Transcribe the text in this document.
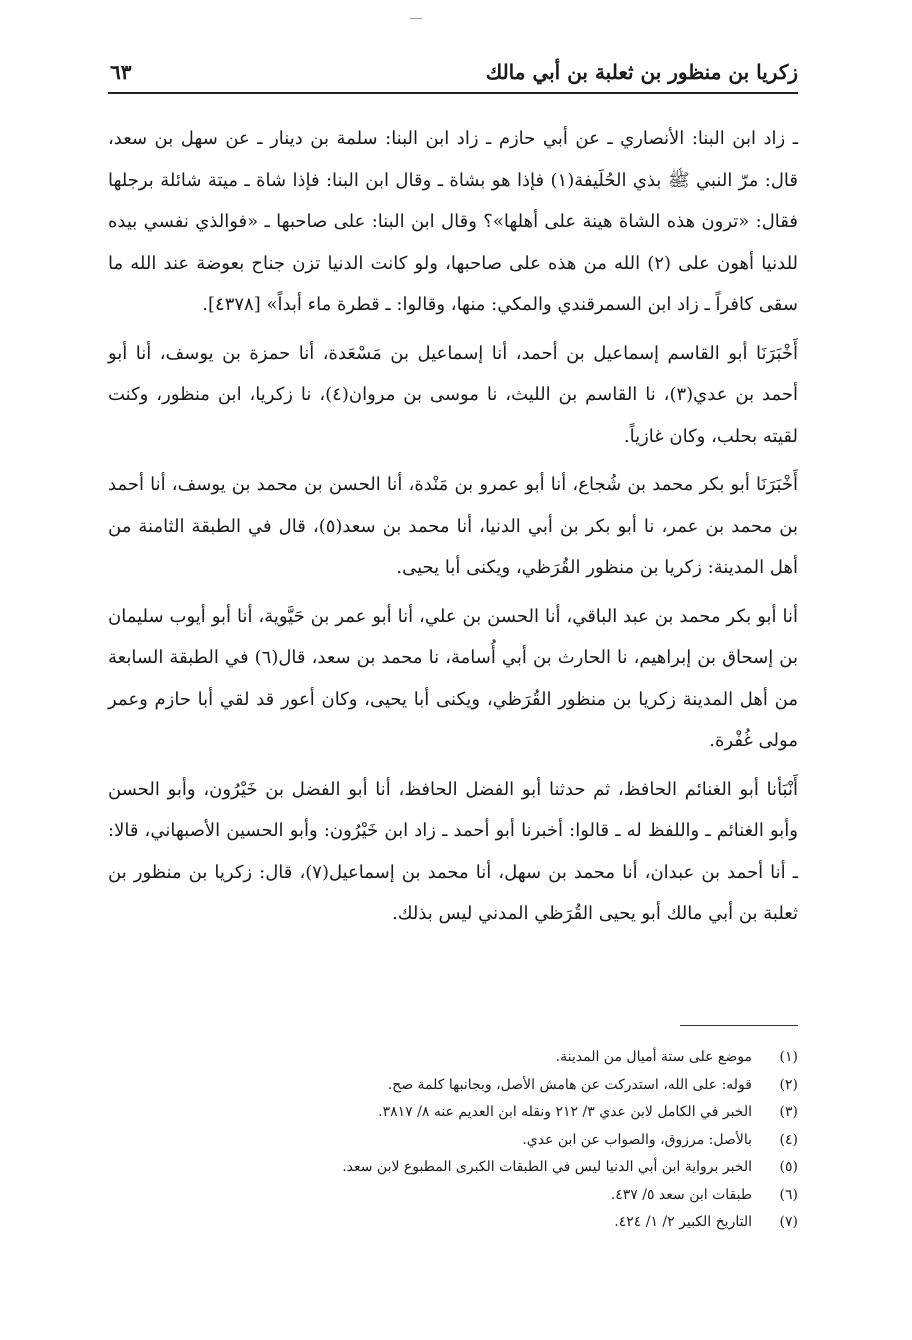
زكريا بن منظور بن ثعلبة بن أبي مالك
٦٣

ـ زاد ابن البنا: الأنصاري ـ عن أبي حازم ـ زاد ابن البنا: سلمة بن دينار ـ عن سهل بن سعد، قال: مرّ النبي ﷺ بذي الحُلَيفة(١) فإذا هو بشاة ـ وقال ابن البنا: فإذا شاة ـ ميتة شائلة برجلها فقال: «ترون هذه الشاة هينة على أهلها»؟ وقال ابن البنا: على صاحبها ـ «فوالذي نفسي بيده للدنيا أهون على (٢) الله من هذه على صاحبها، ولو كانت الدنيا تزن جناح بعوضة عند الله ما سقى كافراً ـ زاد ابن السمرقندي والمكي: منها، وقالوا: ـ قطرة ماء أبداً» [٤٣٧٨].

أَخْبَرَنَا أبو القاسم إسماعيل بن أحمد، أنا إسماعيل بن مَسْعَدة، أنا حمزة بن يوسف، أنا أبو أحمد بن عدي(٣)، نا القاسم بن الليث، نا موسى بن مروان(٤)، نا زكريا، ابن منظور، وكنت لقيته بحلب، وكان غازياً.

أَخْبَرَنَا أبو بكر محمد بن شُجاع، أنا أبو عمرو بن مَنْدة، أنا الحسن بن محمد بن يوسف، أنا أحمد بن محمد بن عمر، نا أبو بكر بن أبي الدنيا، أنا محمد بن سعد(٥)، قال في الطبقة الثامنة من أهل المدينة: زكريا بن منظور القُرَظي، ويكنى أبا يحيى.

أنا أبو بكر محمد بن عبد الباقي، أنا الحسن بن علي، أنا أبو عمر بن حَيَّوية، أنا أبو أيوب سليمان بن إسحاق بن إبراهيم، نا الحارث بن أبي أُسامة، نا محمد بن سعد، قال(٦) في الطبقة السابعة من أهل المدينة زكريا بن منظور القُرَظي، ويكنى أبا يحيى، وكان أعور قد لقي أبا حازم وعمر مولى غُفْرة.

أَنْبَأنا أبو الغنائم الحافظ، ثم حدثنا أبو الفضل الحافظ، أنا أبو الفضل بن خَيْرُون، وأبو الحسن وأبو الغنائم ـ واللفظ له ـ قالوا: أخبرنا أبو أحمد ـ زاد ابن خَيْرُون: وأبو الحسين الأصبهاني، قالا: ـ أنا أحمد بن عبدان، أنا محمد بن سهل، أنا محمد بن إسماعيل(٧)، قال: زكريا بن منظور بن ثعلبة بن أبي مالك أبو يحيى القُرَظي المدني ليس بذلك.

(١)
موضع على ستة أميال من المدينة.
(٢)
قوله: على الله، استدركت عن هامش الأصل، وبجانبها كلمة صح.
(٣)
الخبر في الكامل لابن عدي ٣/ ٢١٢ ونقله ابن العديم عنه ٨/ ٣٨١٧.
(٤)
بالأصل: مرزوق، والصواب عن ابن عدي.
(٥)
الخبر برواية ابن أبي الدنيا ليس في الطبقات الكبرى المطبوع لابن سعد.
(٦)
طبقات ابن سعد ٥/ ٤٣٧.
(٧)
التاريخ الكبير ٢/ ١/ ٤٢٤.
